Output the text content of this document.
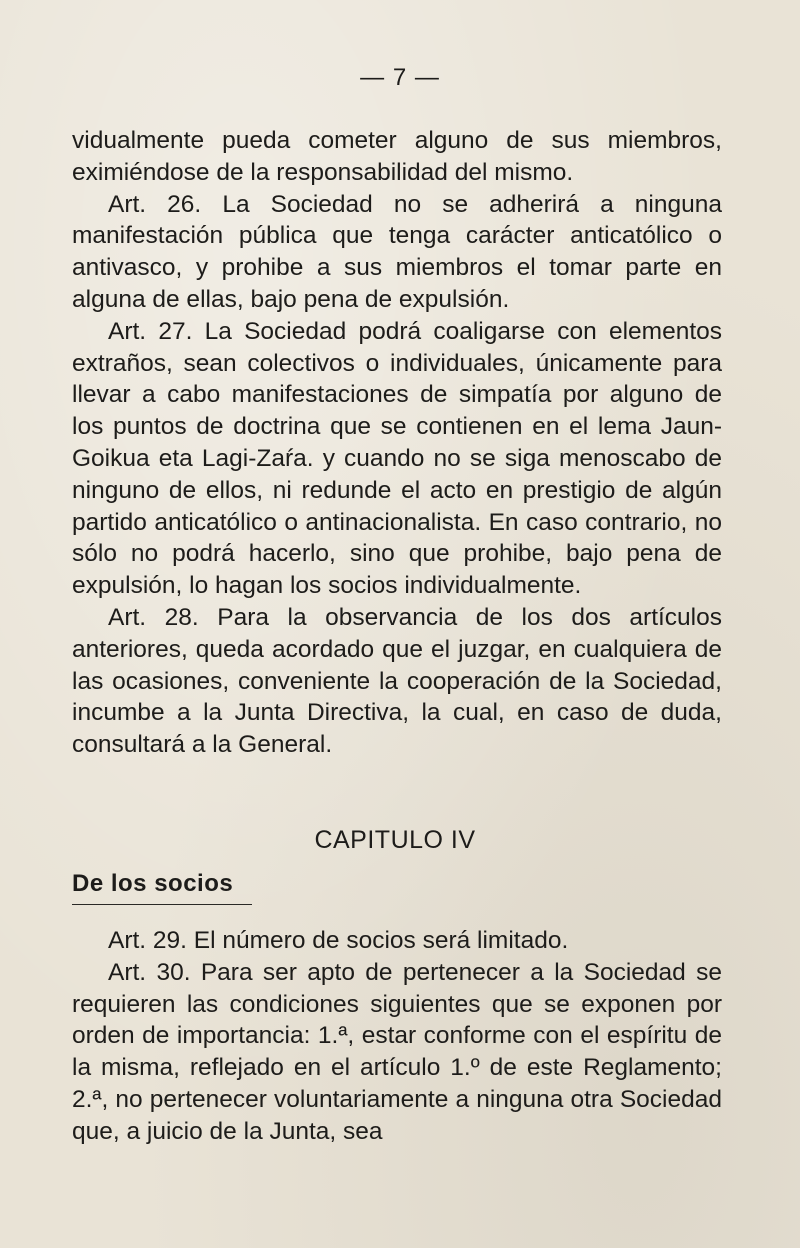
— 7 —

vidualmente pueda cometer alguno de sus miembros, eximiéndose de la responsabilidad del mismo.

Art. 26. La Sociedad no se adherirá a ninguna manifestación pública que tenga carácter anticatólico o antivasco, y prohibe a sus miembros el tomar parte en alguna de ellas, bajo pena de expulsión.

Art. 27. La Sociedad podrá coaligarse con elementos extraños, sean colectivos o individuales, únicamente para llevar a cabo manifestaciones de simpatía por alguno de los puntos de doctrina que se contienen en el lema Jaun-Goikua eta Lagi-Zaŕa. y cuando no se siga menoscabo de ninguno de ellos, ni redunde el acto en prestigio de algún partido anticatólico o antinacionalista. En caso contrario, no sólo no podrá hacerlo, sino que prohibe, bajo pena de expulsión, lo hagan los socios individualmente.

Art. 28. Para la observancia de los dos artículos anteriores, queda acordado que el juzgar, en cualquiera de las ocasiones, conveniente la cooperación de la Sociedad, incumbe a la Junta Directiva, la cual, en caso de duda, consultará a la General.

CAPITULO IV
De los socios

Art. 29. El número de socios será limitado.

Art. 30. Para ser apto de pertenecer a la Sociedad se requieren las condiciones siguientes que se exponen por orden de importancia: 1.ª, estar conforme con el espíritu de la misma, reflejado en el artículo 1.º de este Reglamento; 2.ª, no pertenecer voluntariamente a ninguna otra Sociedad que, a juicio de la Junta, sea
